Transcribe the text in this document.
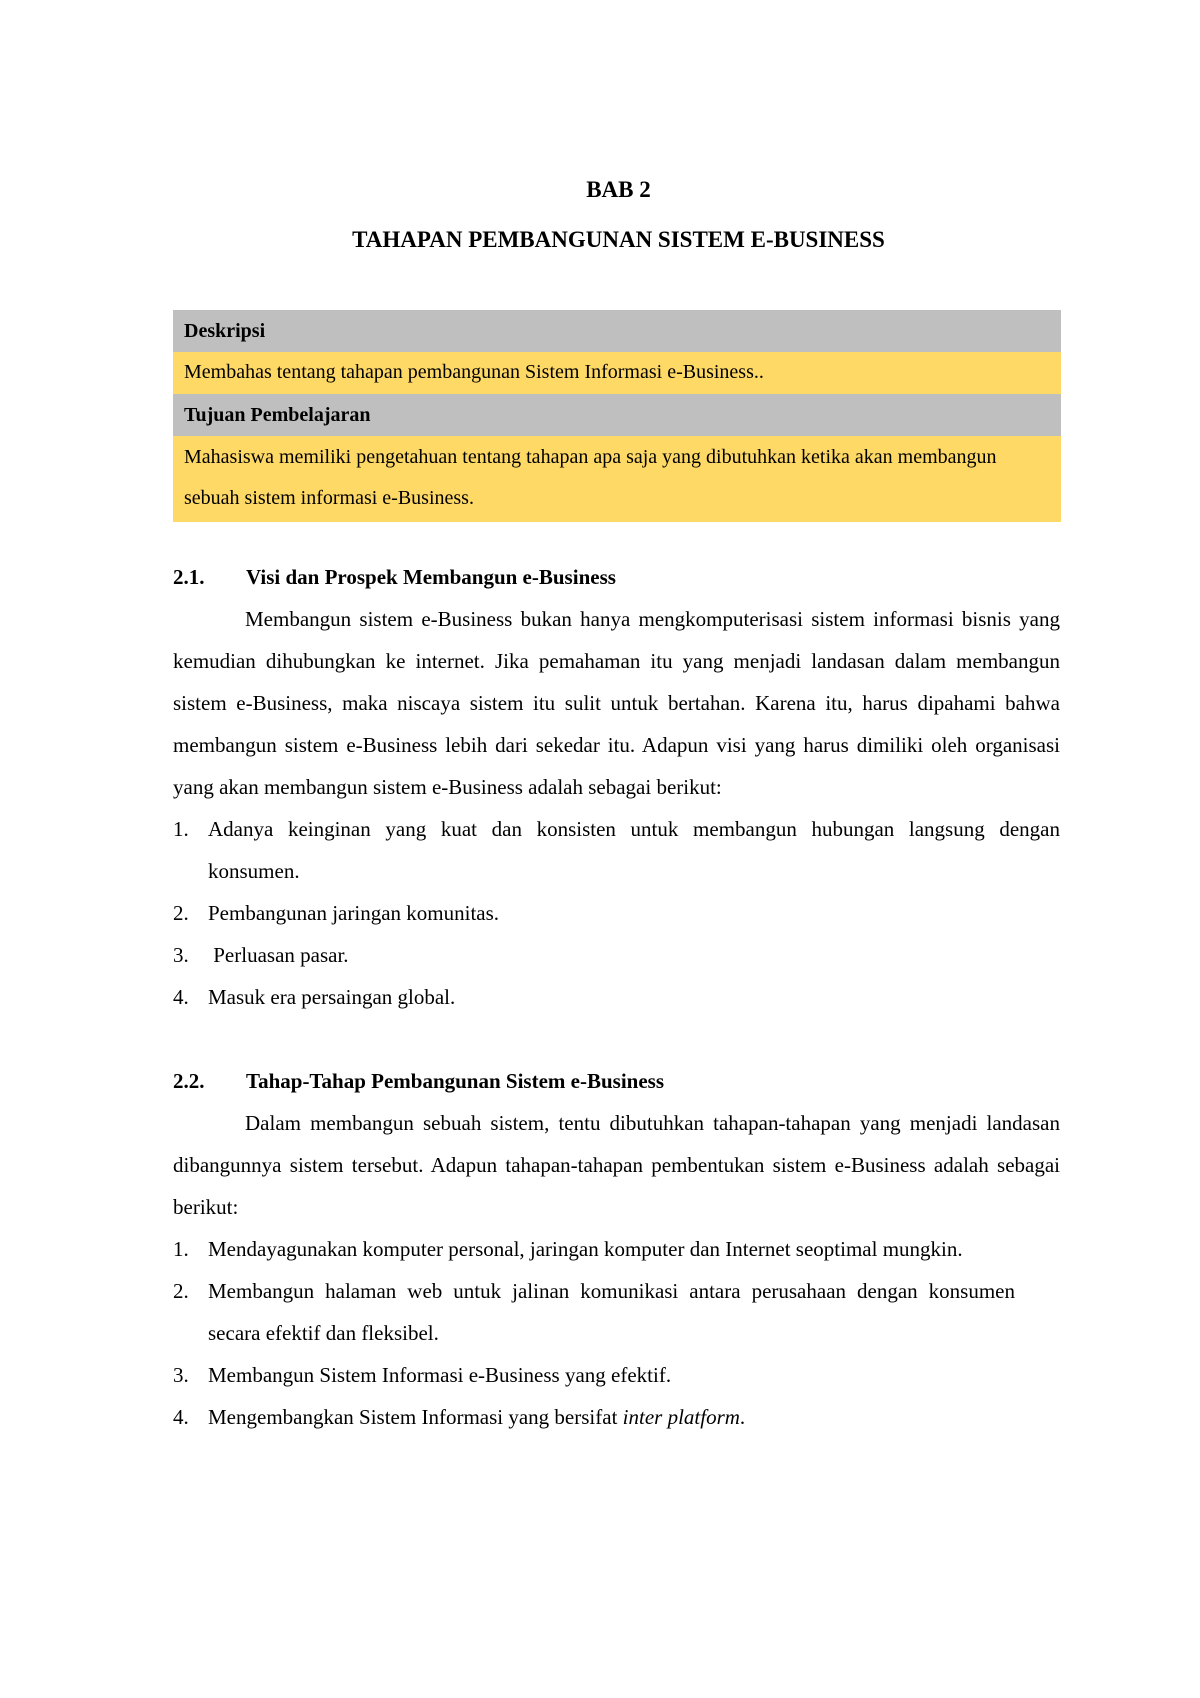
BAB 2
TAHAPAN PEMBANGUNAN SISTEM E-BUSINESS
Deskripsi
Membahas tentang tahapan pembangunan Sistem Informasi e-Business..
Tujuan Pembelajaran
Mahasiswa memiliki pengetahuan tentang tahapan apa saja yang dibutuhkan ketika akan membangun sebuah sistem informasi e-Business.
2.1. Visi dan Prospek Membangun e-Business

Membangun sistem e-Business bukan hanya mengkomputerisasi sistem informasi bisnis yang kemudian dihubungkan ke internet. Jika pemahaman itu yang menjadi landasan dalam membangun sistem e-Business, maka niscaya sistem itu sulit untuk bertahan. Karena itu, harus dipahami bahwa membangun sistem e-Business lebih dari sekedar itu. Adapun visi yang harus dimiliki oleh organisasi yang akan membangun sistem e-Business adalah sebagai berikut:

1. Adanya keinginan yang kuat dan konsisten untuk membangun hubungan langsung dengan konsumen.
2. Pembangunan jaringan komunitas.
3. Perluasan pasar.
4. Masuk era persaingan global.
2.2. Tahap-Tahap Pembangunan Sistem e-Business

Dalam membangun sebuah sistem, tentu dibutuhkan tahapan-tahapan yang menjadi landasan dibangunnya sistem tersebut. Adapun tahapan-tahapan pembentukan sistem e-Business adalah sebagai berikut:

1. Mendayagunakan komputer personal, jaringan komputer dan Internet seoptimal mungkin.
2. Membangun halaman web untuk jalinan komunikasi antara perusahaan dengan konsumen secara efektif dan fleksibel.
3. Membangun Sistem Informasi e-Business yang efektif.
4. Mengembangkan Sistem Informasi yang bersifat inter platform.
